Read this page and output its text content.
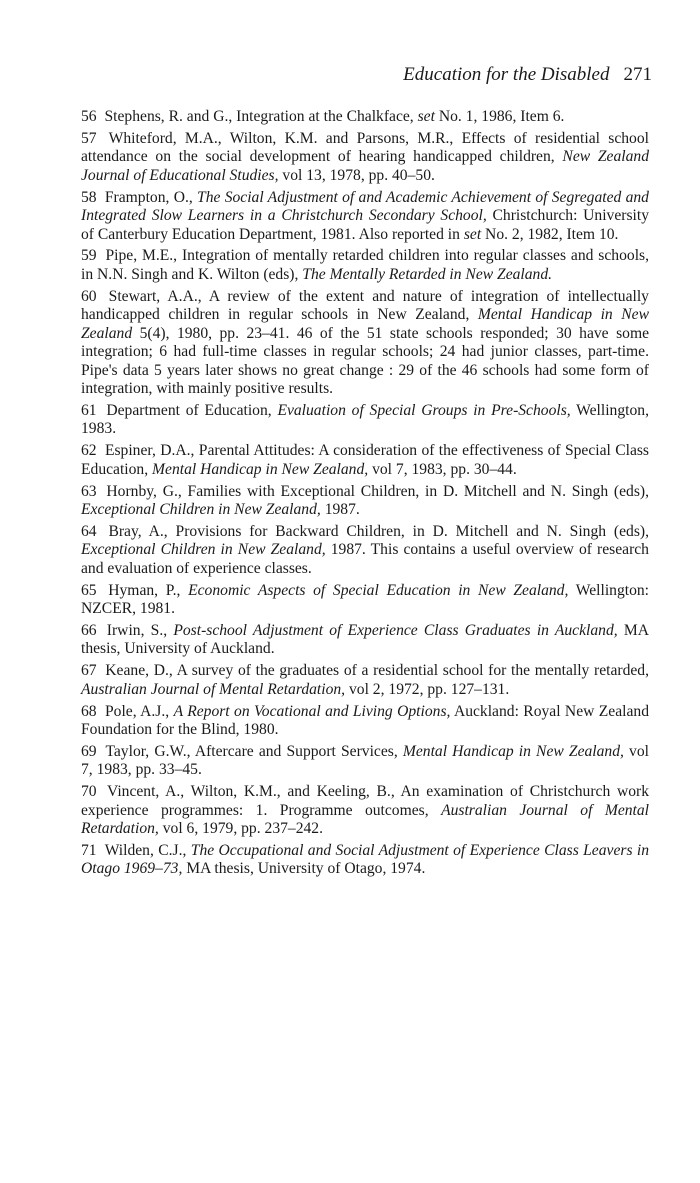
Education for the Disabled 271

56 Stephens, R. and G., Integration at the Chalkface, set No. 1, 1986, Item 6.

57 Whiteford, M.A., Wilton, K.M. and Parsons, M.R., Effects of residential school attendance on the social development of hearing handicapped children, New Zealand Journal of Educational Studies, vol 13, 1978, pp. 40–50.

58 Frampton, O., The Social Adjustment of and Academic Achievement of Segregated and Integrated Slow Learners in a Christchurch Secondary School, Christchurch: University of Canterbury Education Department, 1981. Also reported in set No. 2, 1982, Item 10.

59 Pipe, M.E., Integration of mentally retarded children into regular classes and schools, in N.N. Singh and K. Wilton (eds), The Mentally Retarded in New Zealand.

60 Stewart, A.A., A review of the extent and nature of integration of intellectually handicapped children in regular schools in New Zealand, Mental Handicap in New Zealand 5(4), 1980, pp. 23–41. 46 of the 51 state schools responded; 30 have some integration; 6 had full-time classes in regular schools; 24 had junior classes, part-time. Pipe's data 5 years later shows no great change : 29 of the 46 schools had some form of integration, with mainly positive results.

61 Department of Education, Evaluation of Special Groups in Pre-Schools, Wellington, 1983.

62 Espiner, D.A., Parental Attitudes: A consideration of the effectiveness of Special Class Education, Mental Handicap in New Zealand, vol 7, 1983, pp. 30–44.

63 Hornby, G., Families with Exceptional Children, in D. Mitchell and N. Singh (eds), Exceptional Children in New Zealand, 1987.

64 Bray, A., Provisions for Backward Children, in D. Mitchell and N. Singh (eds), Exceptional Children in New Zealand, 1987. This contains a useful overview of research and evaluation of experience classes.

65 Hyman, P., Economic Aspects of Special Education in New Zealand, Wellington: NZCER, 1981.

66 Irwin, S., Post-school Adjustment of Experience Class Graduates in Auckland, MA thesis, University of Auckland.

67 Keane, D., A survey of the graduates of a residential school for the mentally retarded, Australian Journal of Mental Retardation, vol 2, 1972, pp. 127–131.

68 Pole, A.J., A Report on Vocational and Living Options, Auckland: Royal New Zealand Foundation for the Blind, 1980.

69 Taylor, G.W., Aftercare and Support Services, Mental Handicap in New Zealand, vol 7, 1983, pp. 33–45.

70 Vincent, A., Wilton, K.M., and Keeling, B., An examination of Christchurch work experience programmes: 1. Programme outcomes, Australian Journal of Mental Retardation, vol 6, 1979, pp. 237–242.

71 Wilden, C.J., The Occupational and Social Adjustment of Experience Class Leavers in Otago 1969–73, MA thesis, University of Otago, 1974.
